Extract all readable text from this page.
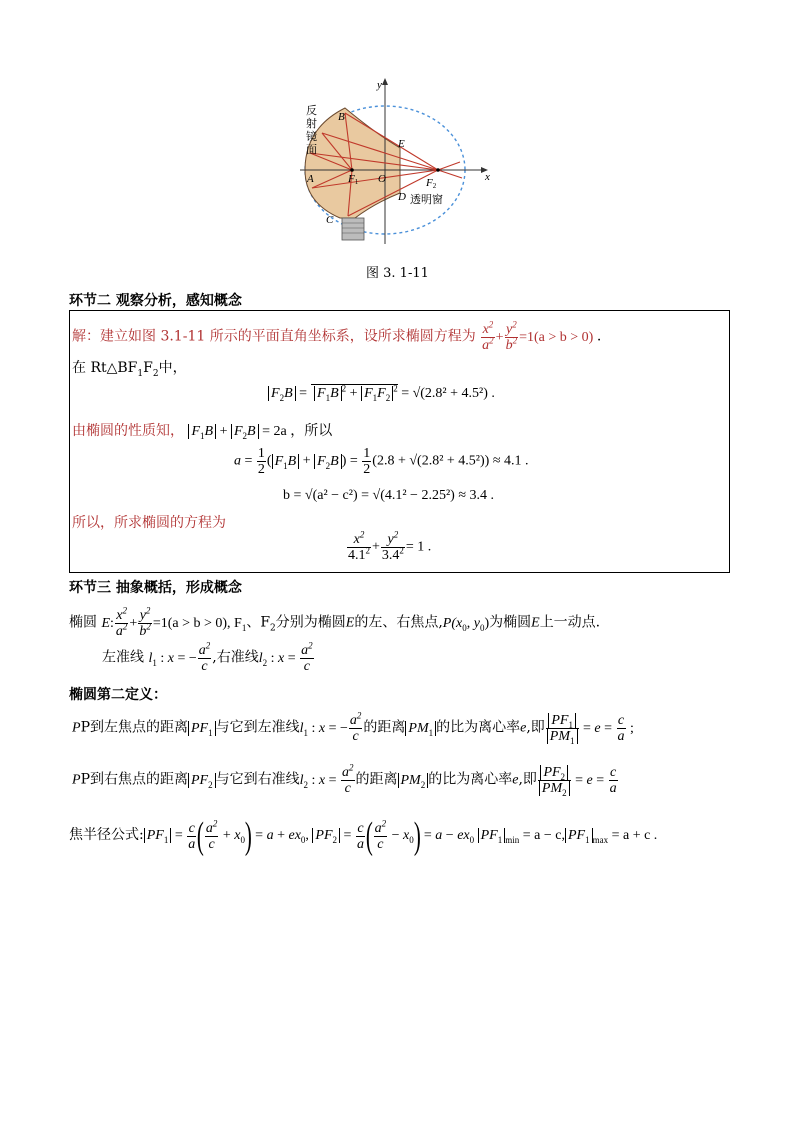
y
x
B
A
C
E
D
O
F1	F2
透明窗
反射镜面
图 3. 1-11
环节二 观察分析，感知概念
解：建立如图 3.1-11 所示的平面直角坐标系，设所求椭圆方程为 $\frac{x^2}{a^2} + \frac{y^2}{b^2} =1(a > b > 0)$ .
在 $Rt\triangle BF_1F_2$中，
$F_2B = F_1B$ $^2 + F_1F_2^2 = √(2.8^2 + 4.5^2)$ .
由椭圆的性质知， $F_1B + F_2B = 2a$ ，所以
$a = \frac{1}{2}$ ( $F_1B + F_2B$ ) = $\frac{1}{2} (2.8 + √(2.8^2 + 4.5^2)) \approx 4.1$ .
b = √(a² − c²) = √(4.1² − 2.25²) ≈ 3.4 .
所以，所求椭圆的方程为
$\frac{x^2}{4.1^2} + \frac{y^2}{3.4^2} = 1$ .
环节三 抽象概括，形成概念
椭圆 E: $\frac{x^2}{a^2} + \frac{y^2}{b^2} =1(a > b > 0)$, $F_1$、$F_2$分别为椭圆E的左、右焦点$,P(x_0$, $y_0$)为椭圆E上一动点.
左准线 $l_1$ : x = − $\frac{a^2}{c}$ ,右准线$l_2$ : $x = \frac{a^2}{c}$
椭圆第二定义：
PP到左焦点的距离 $PF_1$ 与它到左准线$l_1$ : x = − $\frac{a^2}{c}$ 的距离 $PM_1$ 的比为离心率e,即 $\frac{PF_1}{PM_1} = e = \frac{c}{a}$ ;
PP到右焦点的距离 $PF_2$ 与它到右准线$l_2$ : $x = \frac{a^2}{c}$ 的距离 $PM_2$ 的比为离心率e,即 $\frac{PF_2}{PM_2} = e = \frac{c}{a}$
焦半径公式: $PF_1 = \frac{c}{a}$ ( $\frac{a^2}{c} + x_0) = a + ex_0$, $PF_2 = \frac{c}{a}$ ( $\frac{a^2}{c} - x_0) = a - ex_0$ $PF_1$ $_{min}$ = a − c, $PF_1$ $_{max}$ = a + c .
